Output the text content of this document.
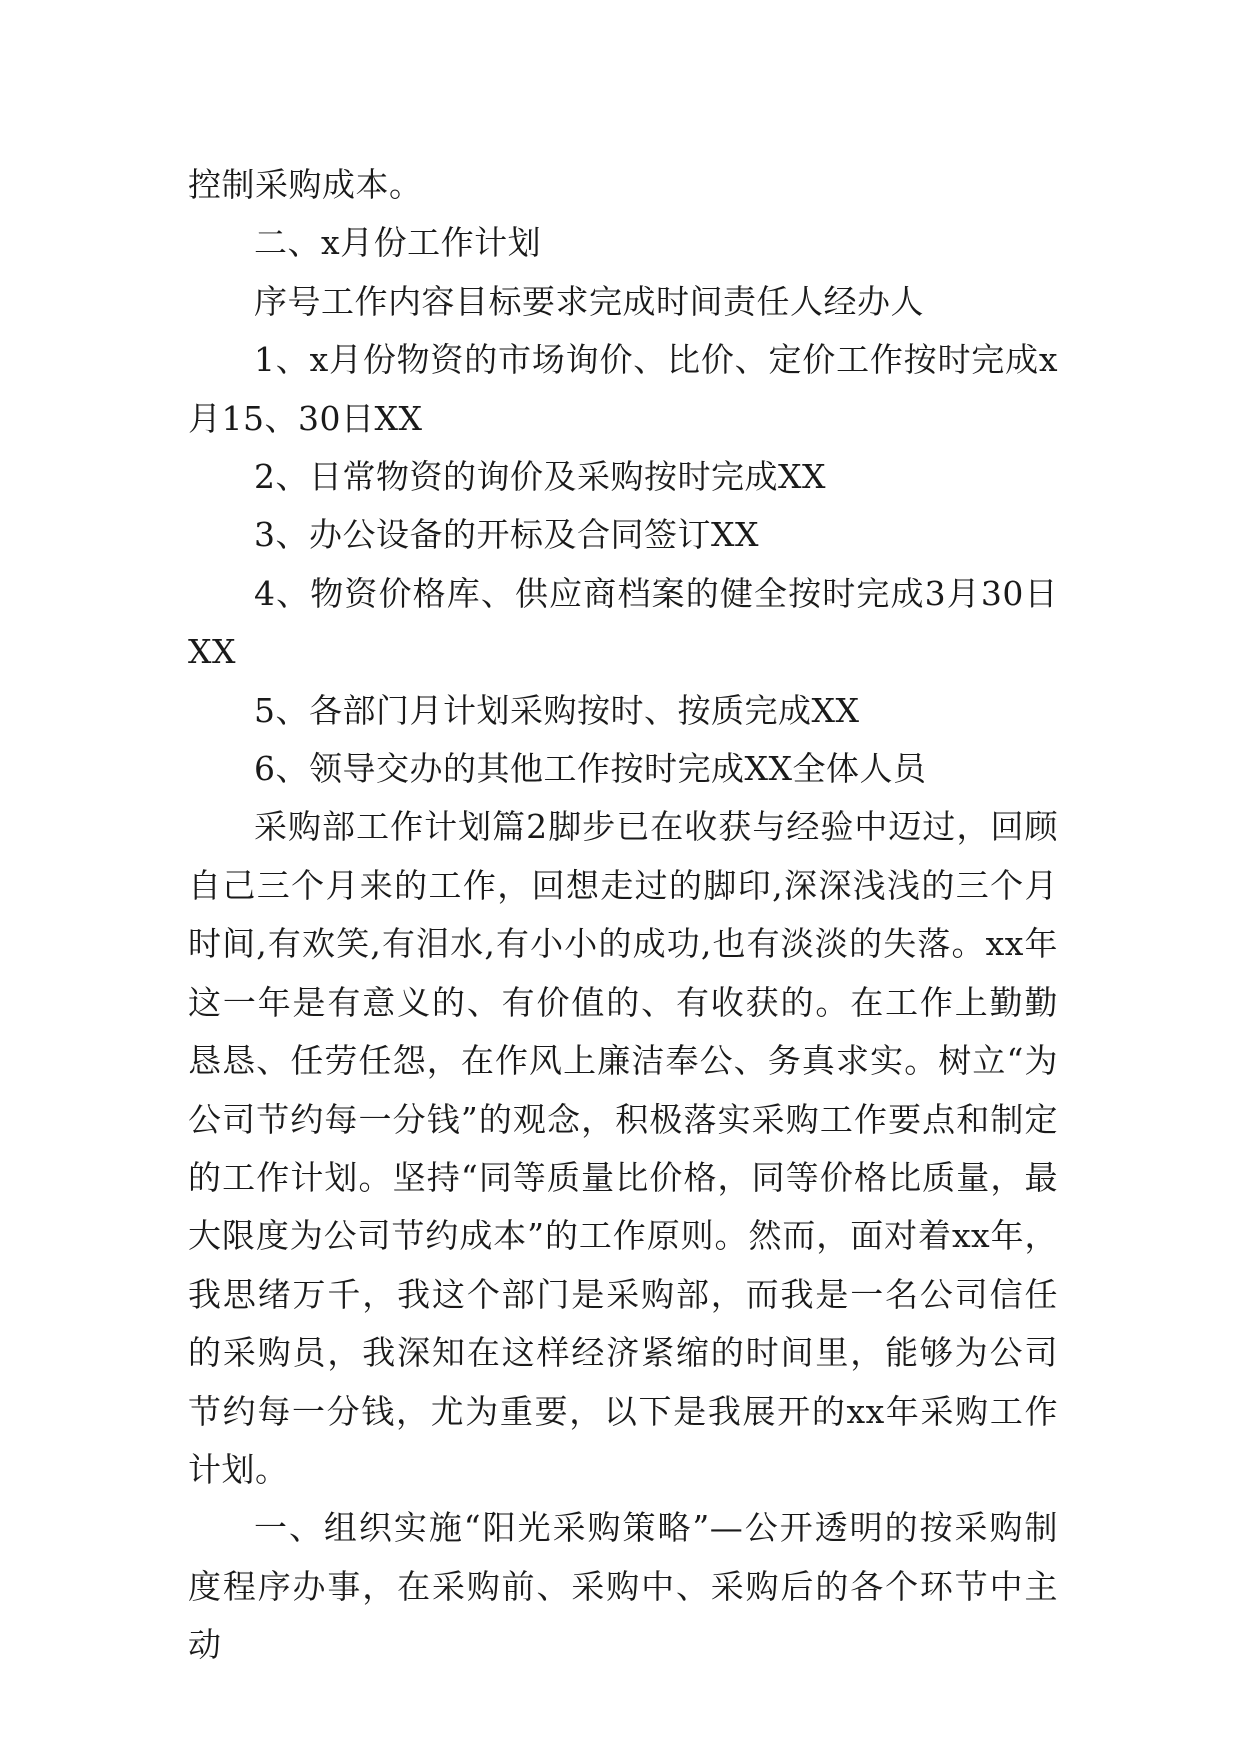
控制采购成本。

二、x月份工作计划

序号工作内容目标要求完成时间责任人经办人

1、x月份物资的市场询价、比价、定价工作按时完成x月15、30日XX

2、日常物资的询价及采购按时完成XX

3、办公设备的开标及合同签订XX

4、物资价格库、供应商档案的健全按时完成3月30日XX

5、各部门月计划采购按时、按质完成XX

6、领导交办的其他工作按时完成XX全体人员

采购部工作计划篇2脚步已在收获与经验中迈过，回顾自己三个月来的工作，回想走过的脚印,深深浅浅的三个月时间,有欢笑,有泪水,有小小的成功,也有淡淡的失落。xx年这一年是有意义的、有价值的、有收获的。在工作上勤勤恳恳、任劳任怨，在作风上廉洁奉公、务真求实。树立“为公司节约每一分钱”的观念，积极落实采购工作要点和制定的工作计划。坚持“同等质量比价格，同等价格比质量，最大限度为公司节约成本”的工作原则。然而，面对着xx年，我思绪万千，我这个部门是采购部，而我是一名公司信任的采购员，我深知在这样经济紧缩的时间里，能够为公司节约每一分钱，尤为重要，以下是我展开的xx年采购工作计划。

一、组织实施“阳光采购策略”—公开透明的按采购制度程序办事，在采购前、采购中、采购后的各个环节中主动
